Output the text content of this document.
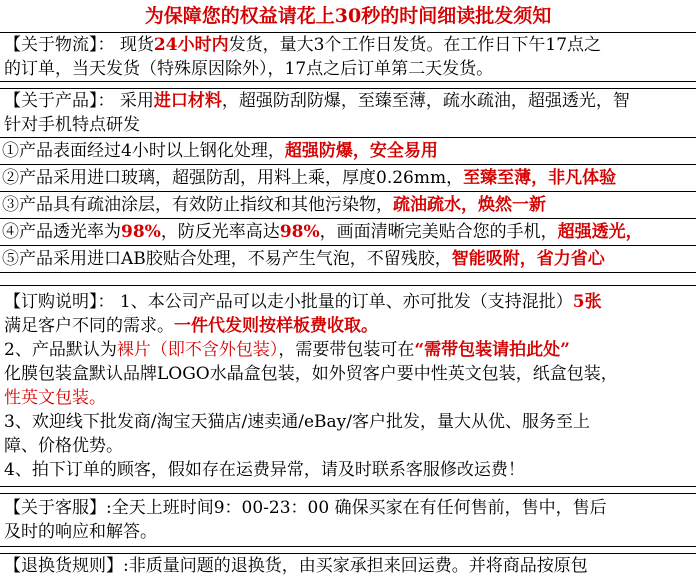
为保障您的权益请花上30秒的时间细读批发须知
【关于物流】： 现货24小时内发货，量大3个工作日发货。在工作日下午17点之
的订单，当天发货（特殊原因除外），17点之后订单第二天发货。
【关于产品】： 采用进口材料，超强防刮防爆，至臻至薄，疏水疏油，超强透光，智
针对手机特点研发
①产品表面经过4小时以上钢化处理，超强防爆，安全易用
②产品采用进口玻璃，超强防刮，用料上乘，厚度0.26mm，至臻至薄，非凡体验
③产品具有疏油涂层，有效防止指纹和其他污染物，疏油疏水，焕然一新
④产品透光率为98%，防反光率高达98%，画面清晰完美贴合您的手机，超强透光，
⑤产品采用进口AB胶贴合处理，不易产生气泡，不留残胶，智能吸附，省力省心
【订购说明】： 1、本公司产品可以走小批量的订单、亦可批发（支持混批）5张
满足客户不同的需求。一件代发则按样板费收取。
2、产品默认为裸片（即不含外包装），需要带包装可在“需带包装请拍此处”
化膜包装盒默认品牌LOGO水晶盒包装，如外贸客户要中性英文包装，纸盒包装，
性英文包装。
3、欢迎线下批发商/淘宝天猫店/速卖通/eBay/客户批发，量大从优、服务至上
障、价格优势。
4、拍下订单的顾客，假如存在运费异常，请及时联系客服修改运费！
【关于客服】:全天上班时间9：00-23：00 确保买家在有任何售前，售中，售后
及时的响应和解答。
【退换货规则】:非质量问题的退换货，由买家承担来回运费。并将商品按原包
